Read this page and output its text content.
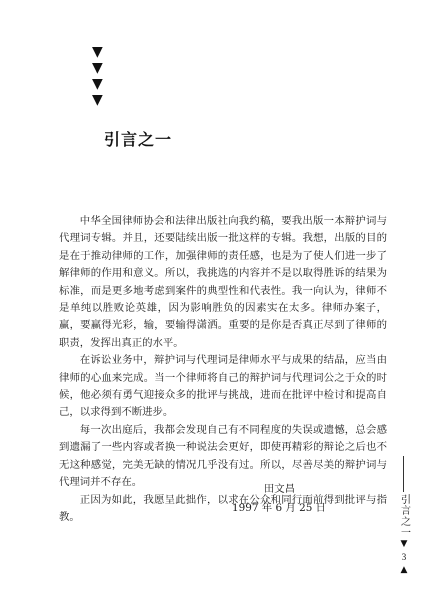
▼
▼
▼
▼
引言之一

中华全国律师协会和法律出版社向我约稿，要我出版一本辩护词与代理词专辑。并且，还要陆续出版一批这样的专辑。我想，出版的目的是在于推动律师的工作，加强律师的责任感，也是为了使人们进一步了解律师的作用和意义。所以，我挑选的内容并不是以取得胜诉的结果为标准，而是更多地考虑到案件的典型性和代表性。我一向认为，律师不是单纯以胜败论英雄，因为影响胜负的因素实在太多。律师办案子，赢，要赢得光彩，输，要输得潇洒。重要的是你是否真正尽到了律师的职责，发挥出真正的水平。

在诉讼业务中，辩护词与代理词是律师水平与成果的结晶，应当由律师的心血来完成。当一个律师将自己的辩护词与代理词公之于众的时候，他必须有勇气迎接众多的批评与挑战，进而在批评中检讨和提高自己，以求得到不断进步。

每一次出庭后，我都会发现自己有不同程度的失误或遗憾，总会感到遗漏了一些内容或者换一种说法会更好，即使再精彩的辩论之后也不无这种感觉，完美无缺的情况几乎没有过。所以，尽善尽美的辩护词与代理词并不存在。

正因为如此，我愿呈此拙作，以求在公众和同行面前得到批评与指教。

田文昌

1997 年 6 月 25 日	引言之一
▼
3
▲
